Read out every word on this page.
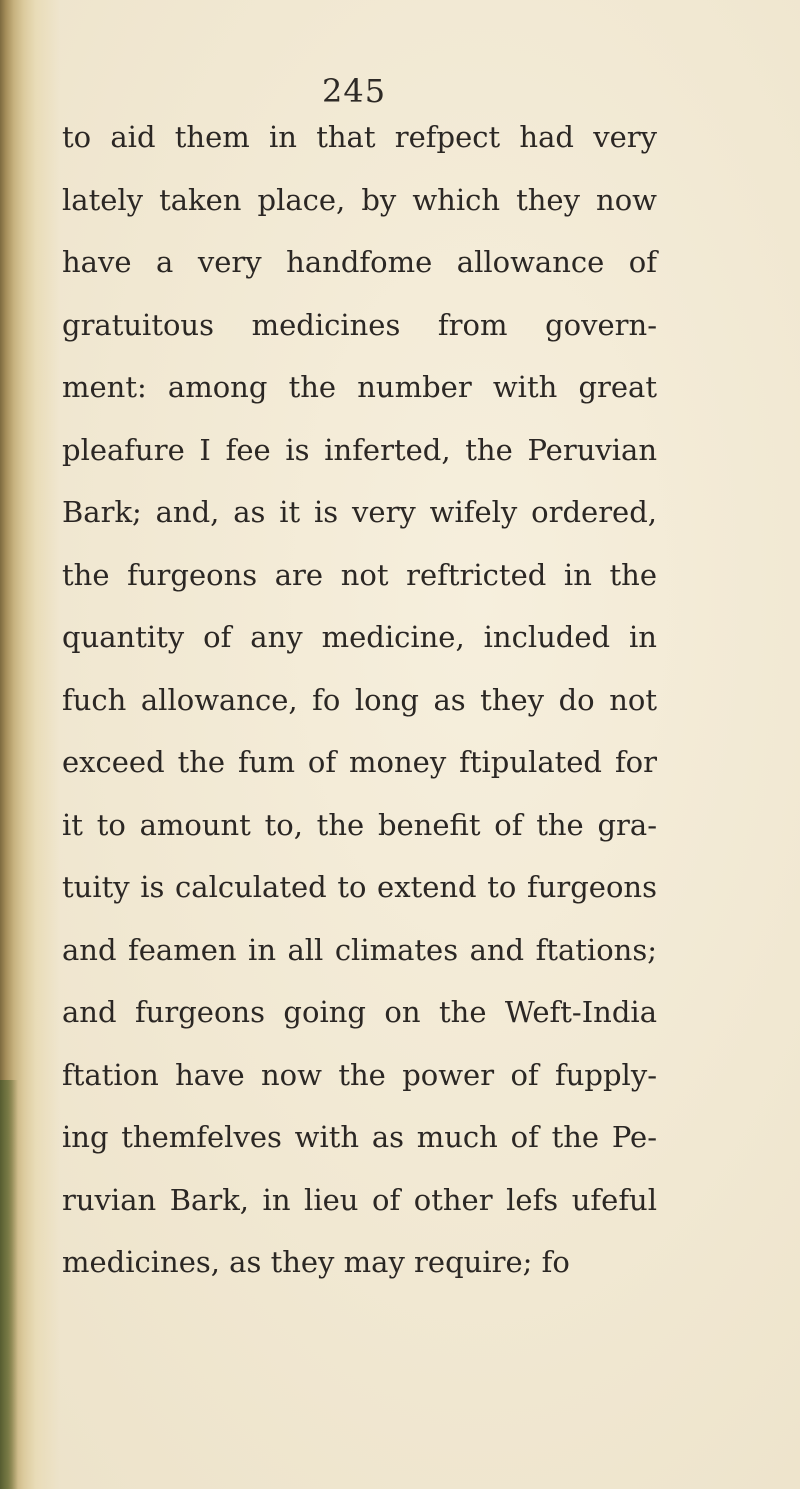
245
to aid them in that refpect had very
lately taken place, by which they now
have a very handfome allowance of
gratuitous medicines from govern-
ment: among the number with great
pleafure I fee is inferted, the Peruvian
Bark; and, as it is very wifely ordered,
the furgeons are not reftricted in the
quantity of any medicine, included in
fuch allowance, fo long as they do not
exceed the fum of money ftipulated for
it to amount to, the benefit of the gra-
tuity is calculated to extend to furgeons
and feamen in all climates and ftations;
and furgeons going on the Weft-India
ftation have now the power of fupply-
ing themfelves with as much of the Pe-
ruvian Bark, in lieu of other lefs ufeful
medicines, as they may require; fo
